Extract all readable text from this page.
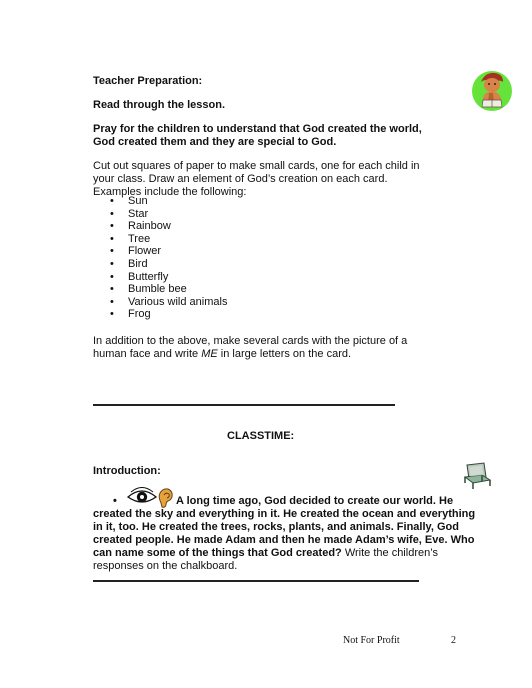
Teacher Preparation:
Read through the lesson.
Pray for the children to understand that God created the world,
God created them and they are special to God.
Cut out squares of paper to make small cards, one for each child in
your class. Draw an element of God’s creation on each card.
Examples include the following:
• Sun
• Star
• Rainbow
• Tree
• Flower
• Bird
• Butterfly
• Bumble bee
• Various wild animals
• Frog
In addition to the above, make several cards with the picture of a
human face and write ME in large letters on the card.
CLASSTIME:
Introduction:
•	A long time ago, God decided to create our world. He
created the sky and everything in it. He created the ocean and everything
in it, too. He created the trees, rocks, plants, and animals. Finally, God
created people. He made Adam and then he made Adam’s wife, Eve. Who
can name some of the things that God created? Write the children’s
responses on the chalkboard.
Not For Profit	2
